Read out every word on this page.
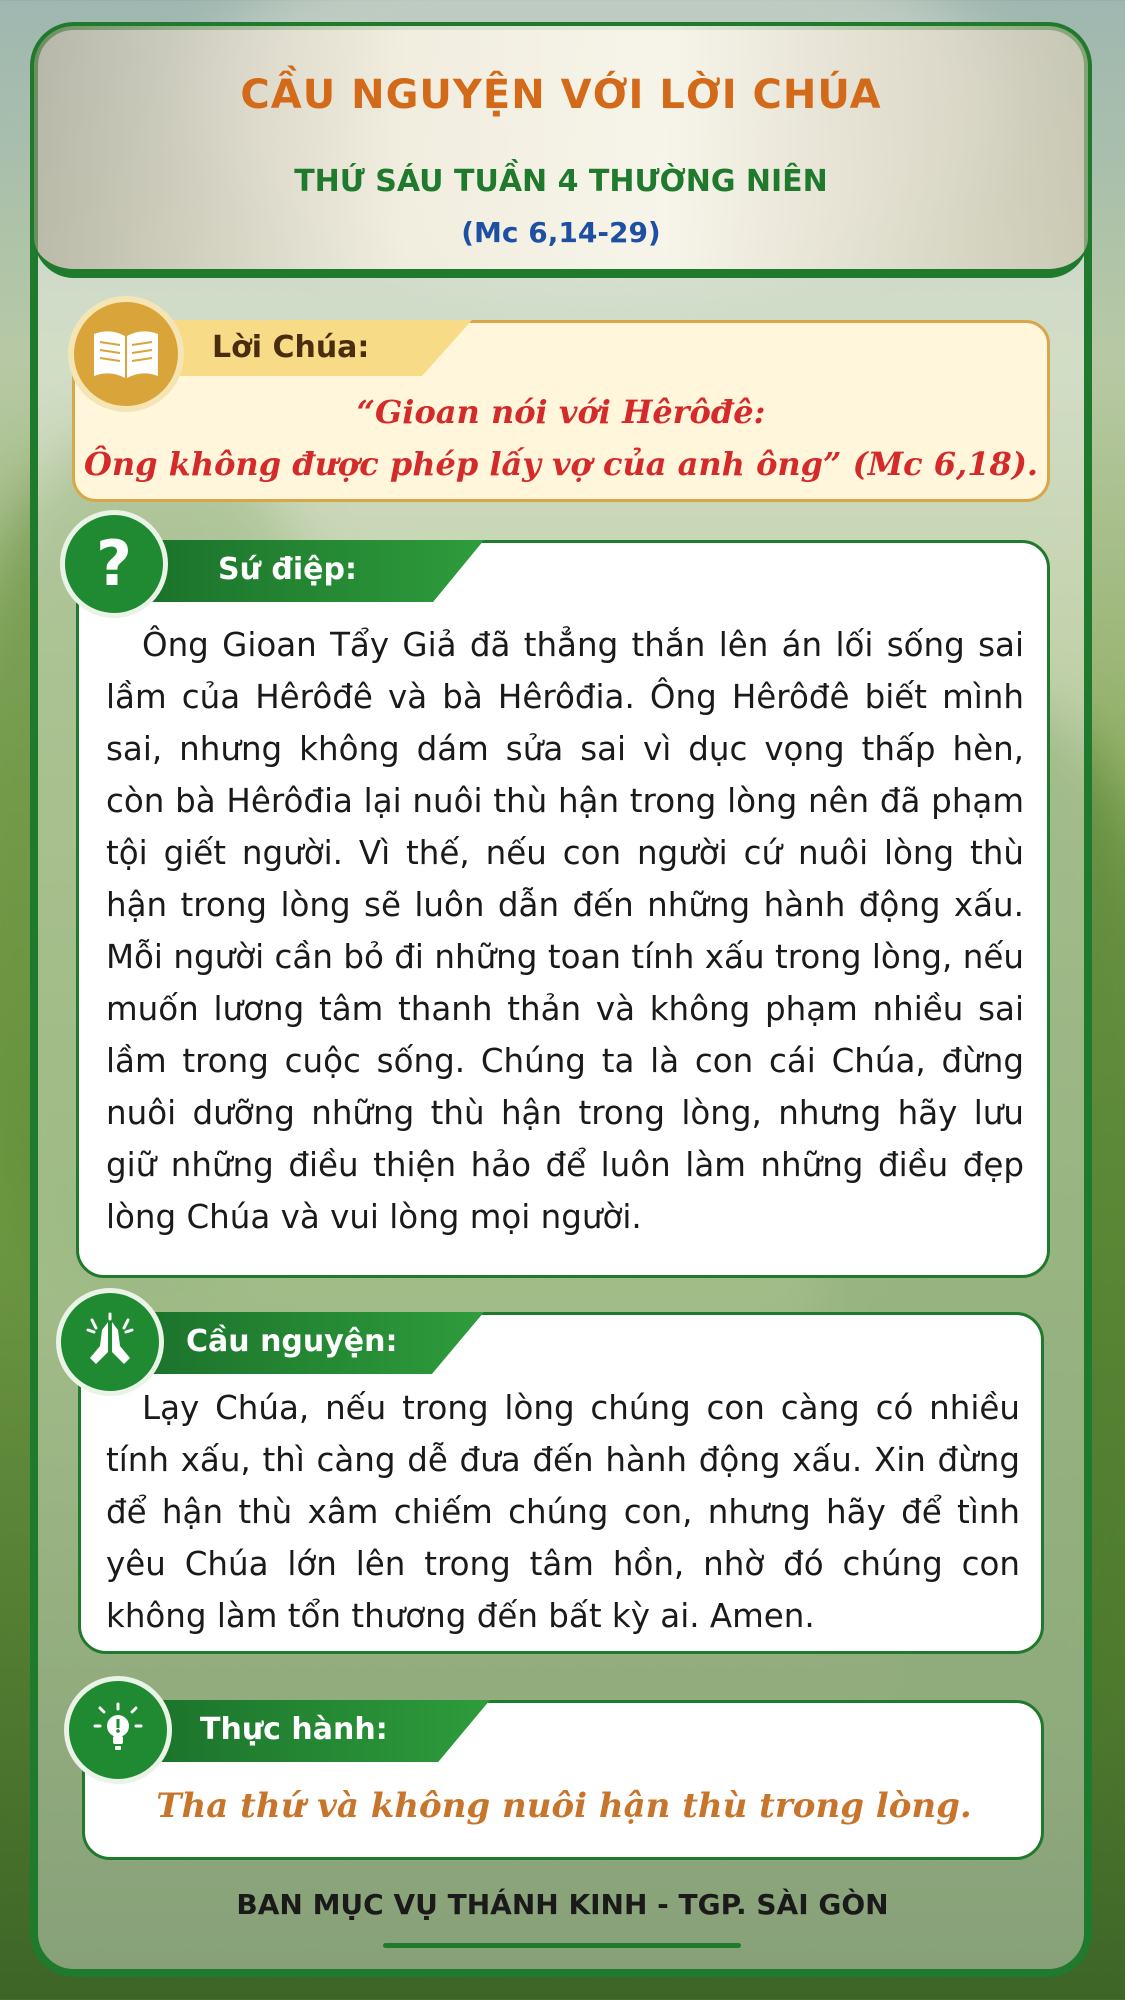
CẦU NGUYỆN VỚI LỜI CHÚA
THỨ SÁU TUẦN 4 THƯỜNG NIÊN
(Mc 6,14-29)
Lời Chúa:
“Gioan nói với Hêrôđê:
Ông không được phép lấy vợ của anh ông” (Mc 6,18).
Sứ điệp:
?

Ông Gioan Tẩy Giả đã thẳng thắn lên án lối sống sai lầm của Hêrôđê và bà Hêrôđia. Ông Hêrôđê biết mình sai, nhưng không dám sửa sai vì dục vọng thấp hèn, còn bà Hêrôđia lại nuôi thù hận trong lòng nên đã phạm tội giết người. Vì thế, nếu con người cứ nuôi lòng thù hận trong lòng sẽ luôn dẫn đến những hành động xấu. Mỗi người cần bỏ đi những toan tính xấu trong lòng, nếu muốn lương tâm thanh thản và không phạm nhiều sai lầm trong cuộc sống. Chúng ta là con cái Chúa, đừng nuôi dưỡng những thù hận trong lòng, nhưng hãy lưu giữ những điều thiện hảo để luôn làm những điều đẹp lòng Chúa và vui lòng mọi người.

Cầu nguyện:

Lạy Chúa, nếu trong lòng chúng con càng có nhiều tính xấu, thì càng dễ đưa đến hành động xấu. Xin đừng để hận thù xâm chiếm chúng con, nhưng hãy để tình yêu Chúa lớn lên trong tâm hồn, nhờ đó chúng con không làm tổn thương đến bất kỳ ai. Amen.

Thực hành:
Tha thứ và không nuôi hận thù trong lòng.
BAN MỤC VỤ THÁNH KINH - TGP. SÀI GÒN
